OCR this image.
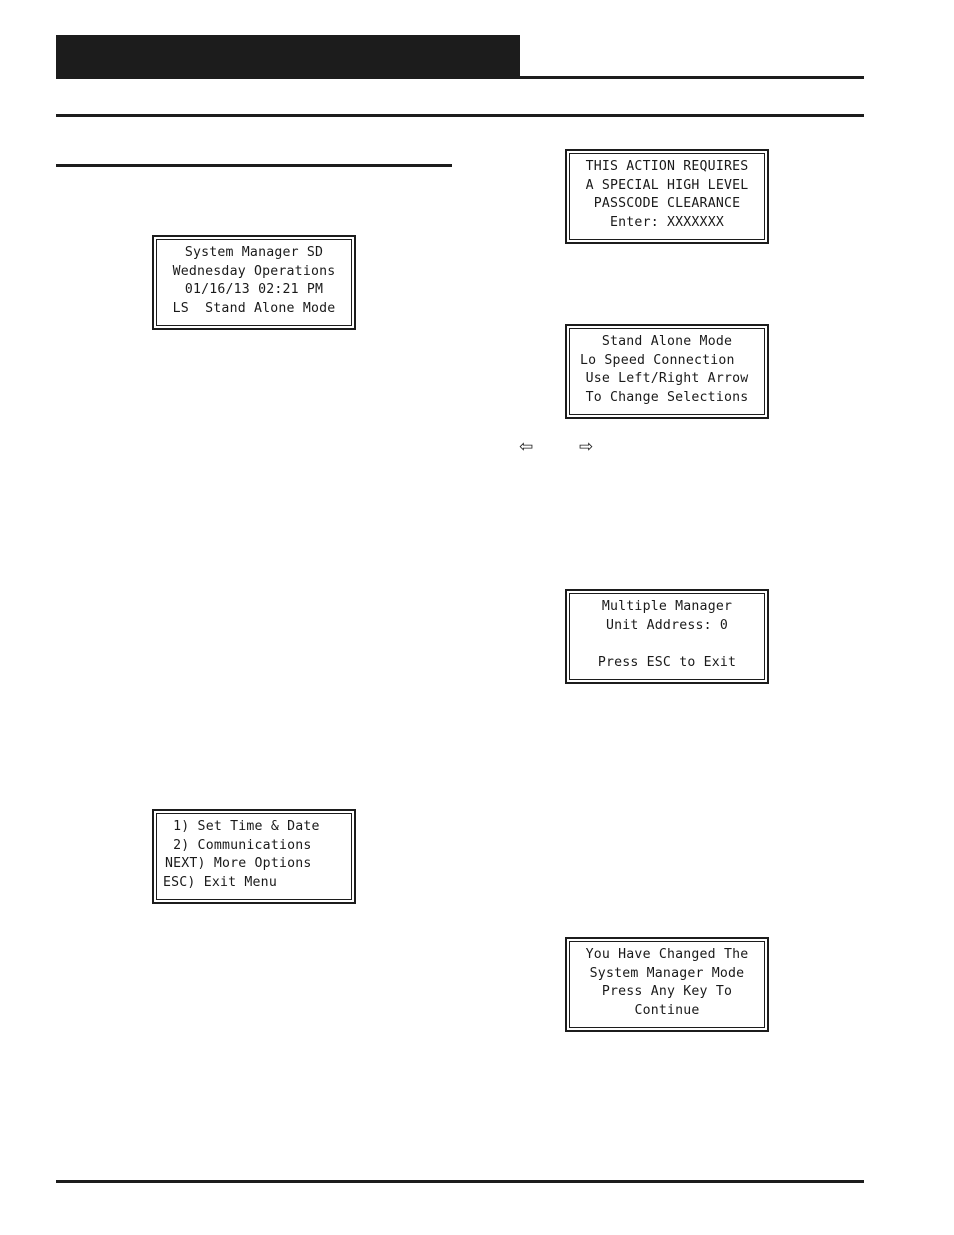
System Manager SD
Wednesday Operations
01/16/13 02:21 PM
LS  Stand Alone Mode
1) Set Time & Date
2) Communications
NEXT) More Options
ESC) Exit Menu
THIS ACTION REQUIRES
A SPECIAL HIGH LEVEL
PASSCODE CLEARANCE
Enter: XXXXXXX
Stand Alone Mode
Lo Speed Connection
Use Left/Right Arrow
To Change Selections
⇦	⇨
Multiple Manager
Unit Address: 0
Press ESC to Exit
You Have Changed The
System Manager Mode
Press Any Key To
Continue
